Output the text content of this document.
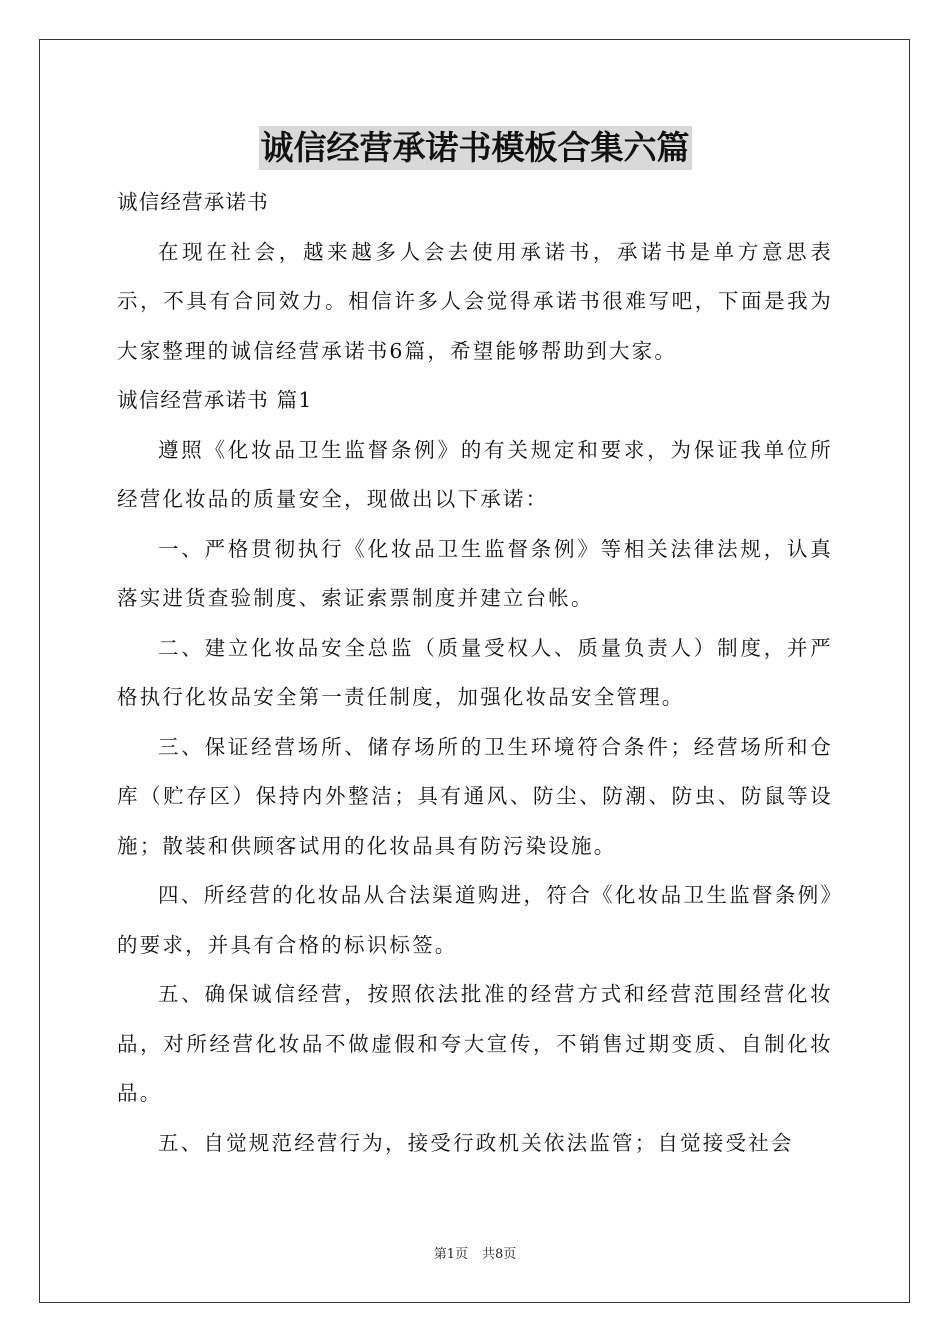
诚信经营承诺书模板合集六篇

诚信经营承诺书

在现在社会，越来越多人会去使用承诺书，承诺书是单方意思表示，不具有合同效力。相信许多人会觉得承诺书很难写吧，下面是我为大家整理的诚信经营承诺书6篇，希望能够帮助到大家。

诚信经营承诺书 篇1

遵照《化妆品卫生监督条例》的有关规定和要求，为保证我单位所经营化妆品的质量安全，现做出以下承诺：

一、严格贯彻执行《化妆品卫生监督条例》等相关法律法规，认真落实进货查验制度、索证索票制度并建立台帐。

二、建立化妆品安全总监（质量受权人、质量负责人）制度，并严格执行化妆品安全第一责任制度，加强化妆品安全管理。

三、保证经营场所、储存场所的卫生环境符合条件；经营场所和仓库（贮存区）保持内外整洁；具有通风、防尘、防潮、防虫、防鼠等设施；散装和供顾客试用的化妆品具有防污染设施。

四、所经营的化妆品从合法渠道购进，符合《化妆品卫生监督条例》的要求，并具有合格的标识标签。

五、确保诚信经营，按照依法批准的经营方式和经营范围经营化妆品，对所经营化妆品不做虚假和夸大宣传，不销售过期变质、自制化妆品。

五、自觉规范经营行为，接受行政机关依法监管；自觉接受社会

第1页 共8页
